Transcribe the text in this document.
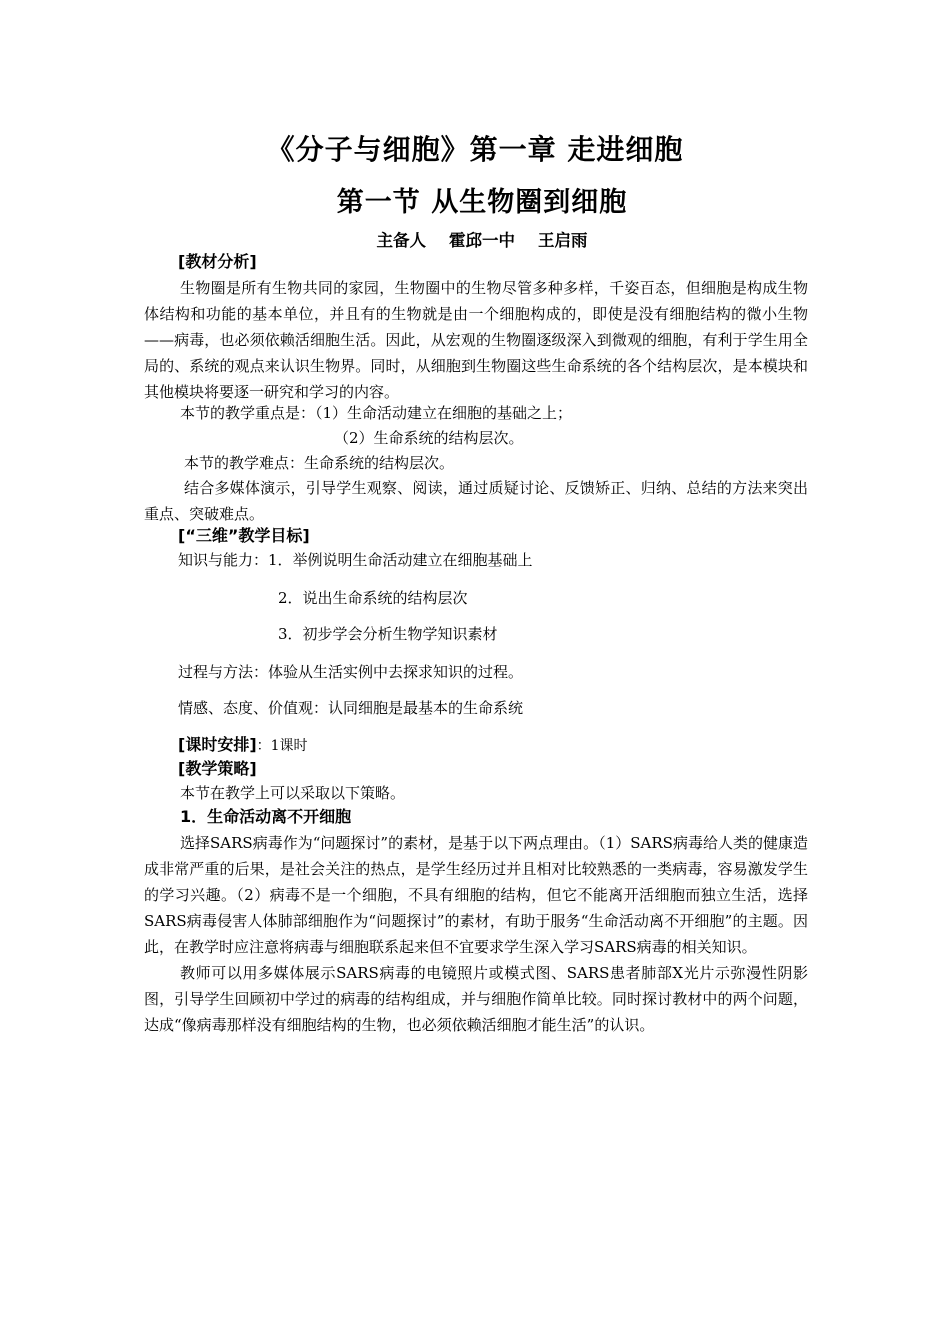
《分子与细胞》第一章 走进细胞
第一节 从生物圈到细胞
主备人    霍邱一中    王启雨
[教材分析]

生物圈是所有生物共同的家园，生物圈中的生物尽管多种多样，千姿百态，但细胞是构成生物体结构和功能的基本单位，并且有的生物就是由一个细胞构成的，即使是没有细胞结构的微小生物——病毒，也必须依赖活细胞生活。因此，从宏观的生物圈逐级深入到微观的细胞，有利于学生用全局的、系统的观点来认识生物界。同时，从细胞到生物圈这些生命系统的各个结构层次，是本模块和其他模块将要逐一研究和学习的内容。

本节的教学重点是：（1）生命活动建立在细胞的基础之上；
（2）生命系统的结构层次。
本节的教学难点：生命系统的结构层次。

结合多媒体演示，引导学生观察、阅读，通过质疑讨论、反馈矫正、归纳、总结的方法来突出重点、突破难点。

[“三维”教学目标]
知识与能力：1．举例说明生命活动建立在细胞基础上
2．说出生命系统的结构层次
3．初步学会分析生物学知识素材
过程与方法：体验从生活实例中去探求知识的过程。
情感、态度、价值观：认同细胞是最基本的生命系统
[课时安排]：1课时
[教学策略]
本节在教学上可以采取以下策略。
1．生命活动离不开细胞

选择SARS病毒作为“问题探讨”的素材，是基于以下两点理由。（1）SARS病毒给人类的健康造成非常严重的后果，是社会关注的热点，是学生经历过并且相对比较熟悉的一类病毒，容易激发学生的学习兴趣。（2）病毒不是一个细胞，不具有细胞的结构，但它不能离开活细胞而独立生活，选择SARS病毒侵害人体肺部细胞作为“问题探讨”的素材，有助于服务“生命活动离不开细胞”的主题。因此，在教学时应注意将病毒与细胞联系起来但不宜要求学生深入学习SARS病毒的相关知识。

教师可以用多媒体展示SARS病毒的电镜照片或模式图、SARS患者肺部X光片示弥漫性阴影图，引导学生回顾初中学过的病毒的结构组成，并与细胞作简单比较。同时探讨教材中的两个问题，达成“像病毒那样没有细胞结构的生物，也必须依赖活细胞才能生活”的认识。
